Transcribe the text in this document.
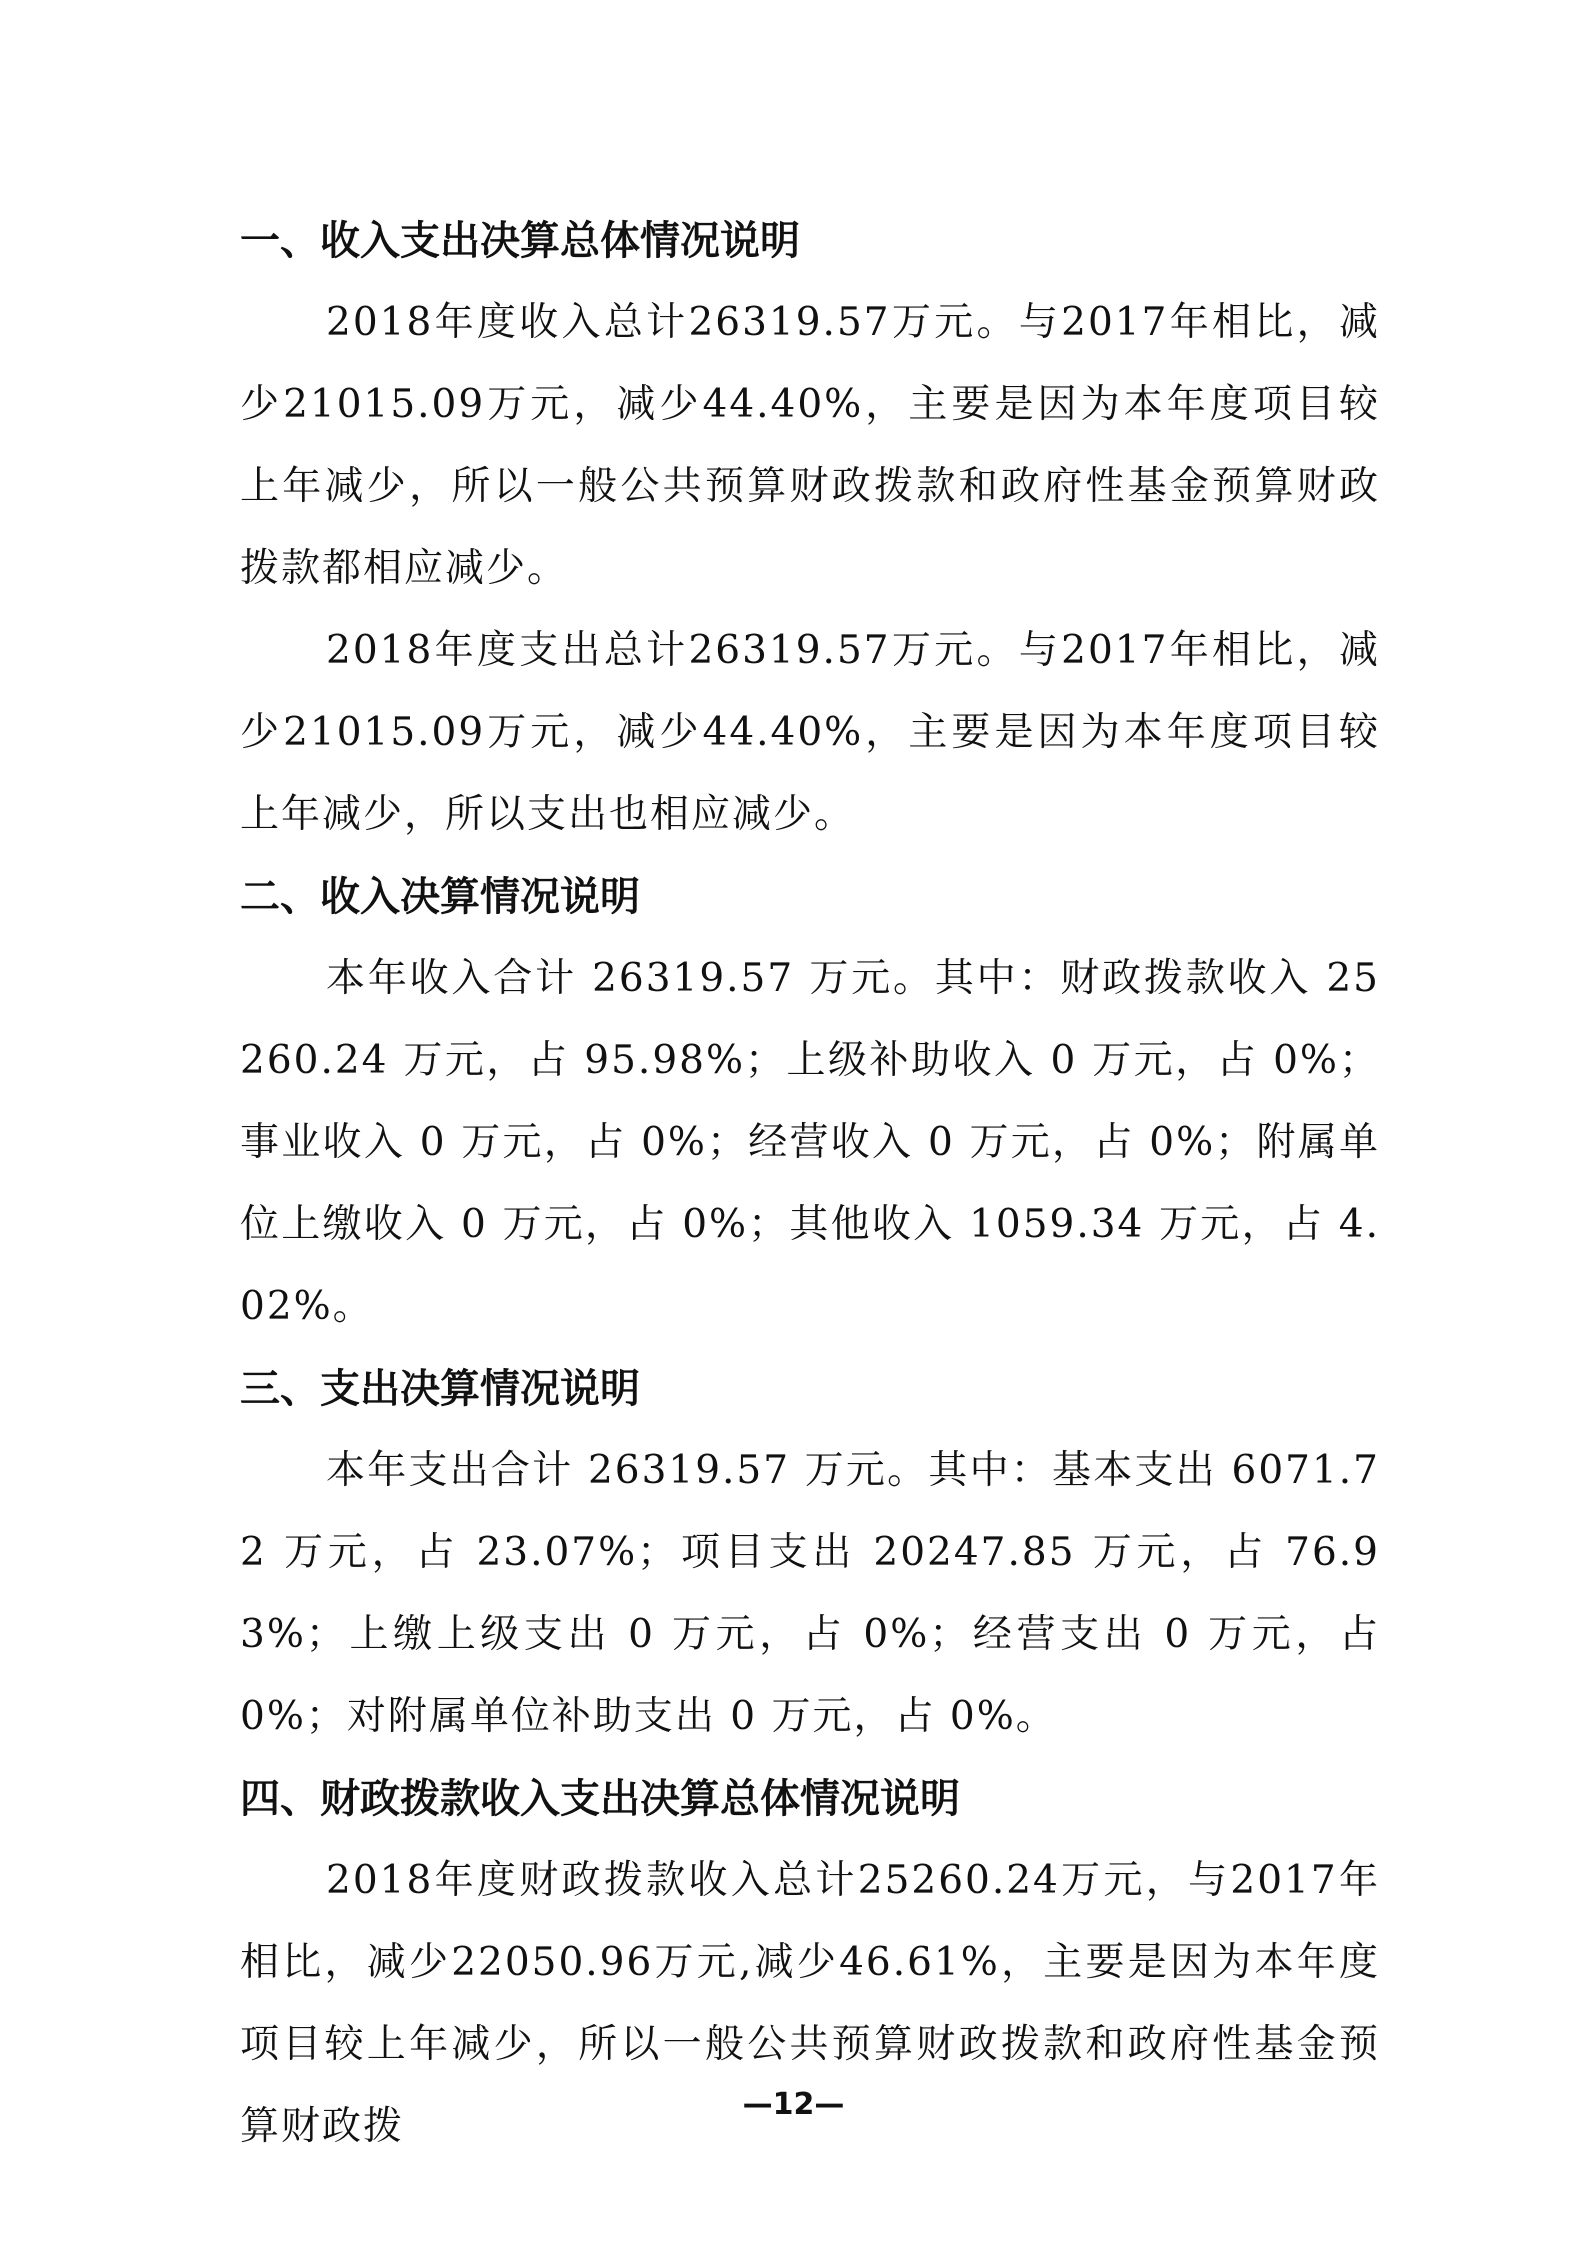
一、收入支出决算总体情况说明

2018年度收入总计26319.57万元。与2017年相比，减少21015.09万元，减少44.40%，主要是因为本年度项目较上年减少，所以一般公共预算财政拨款和政府性基金预算财政拨款都相应减少。

2018年度支出总计26319.57万元。与2017年相比，减少21015.09万元，减少44.40%，主要是因为本年度项目较上年减少，所以支出也相应减少。

二、收入决算情况说明

本年收入合计 26319.57 万元。其中：财政拨款收入 25260.24 万元，占 95.98%；上级补助收入 0 万元，占 0%；事业收入 0 万元，占 0%；经营收入 0 万元，占 0%；附属单位上缴收入 0 万元，占 0%；其他收入 1059.34 万元，占 4.02%。

三、支出决算情况说明

本年支出合计 26319.57 万元。其中：基本支出 6071.72 万元，占 23.07%；项目支出 20247.85 万元，占 76.93%；上缴上级支出 0 万元，占 0%；经营支出 0 万元，占 0%；对附属单位补助支出 0 万元，占 0%。

四、财政拨款收入支出决算总体情况说明

2018年度财政拨款收入总计25260.24万元，与2017年相比，减少22050.96万元,减少46.61%，主要是因为本年度项目较上年减少，所以一般公共预算财政拨款和政府性基金预算财政拨	—12—
